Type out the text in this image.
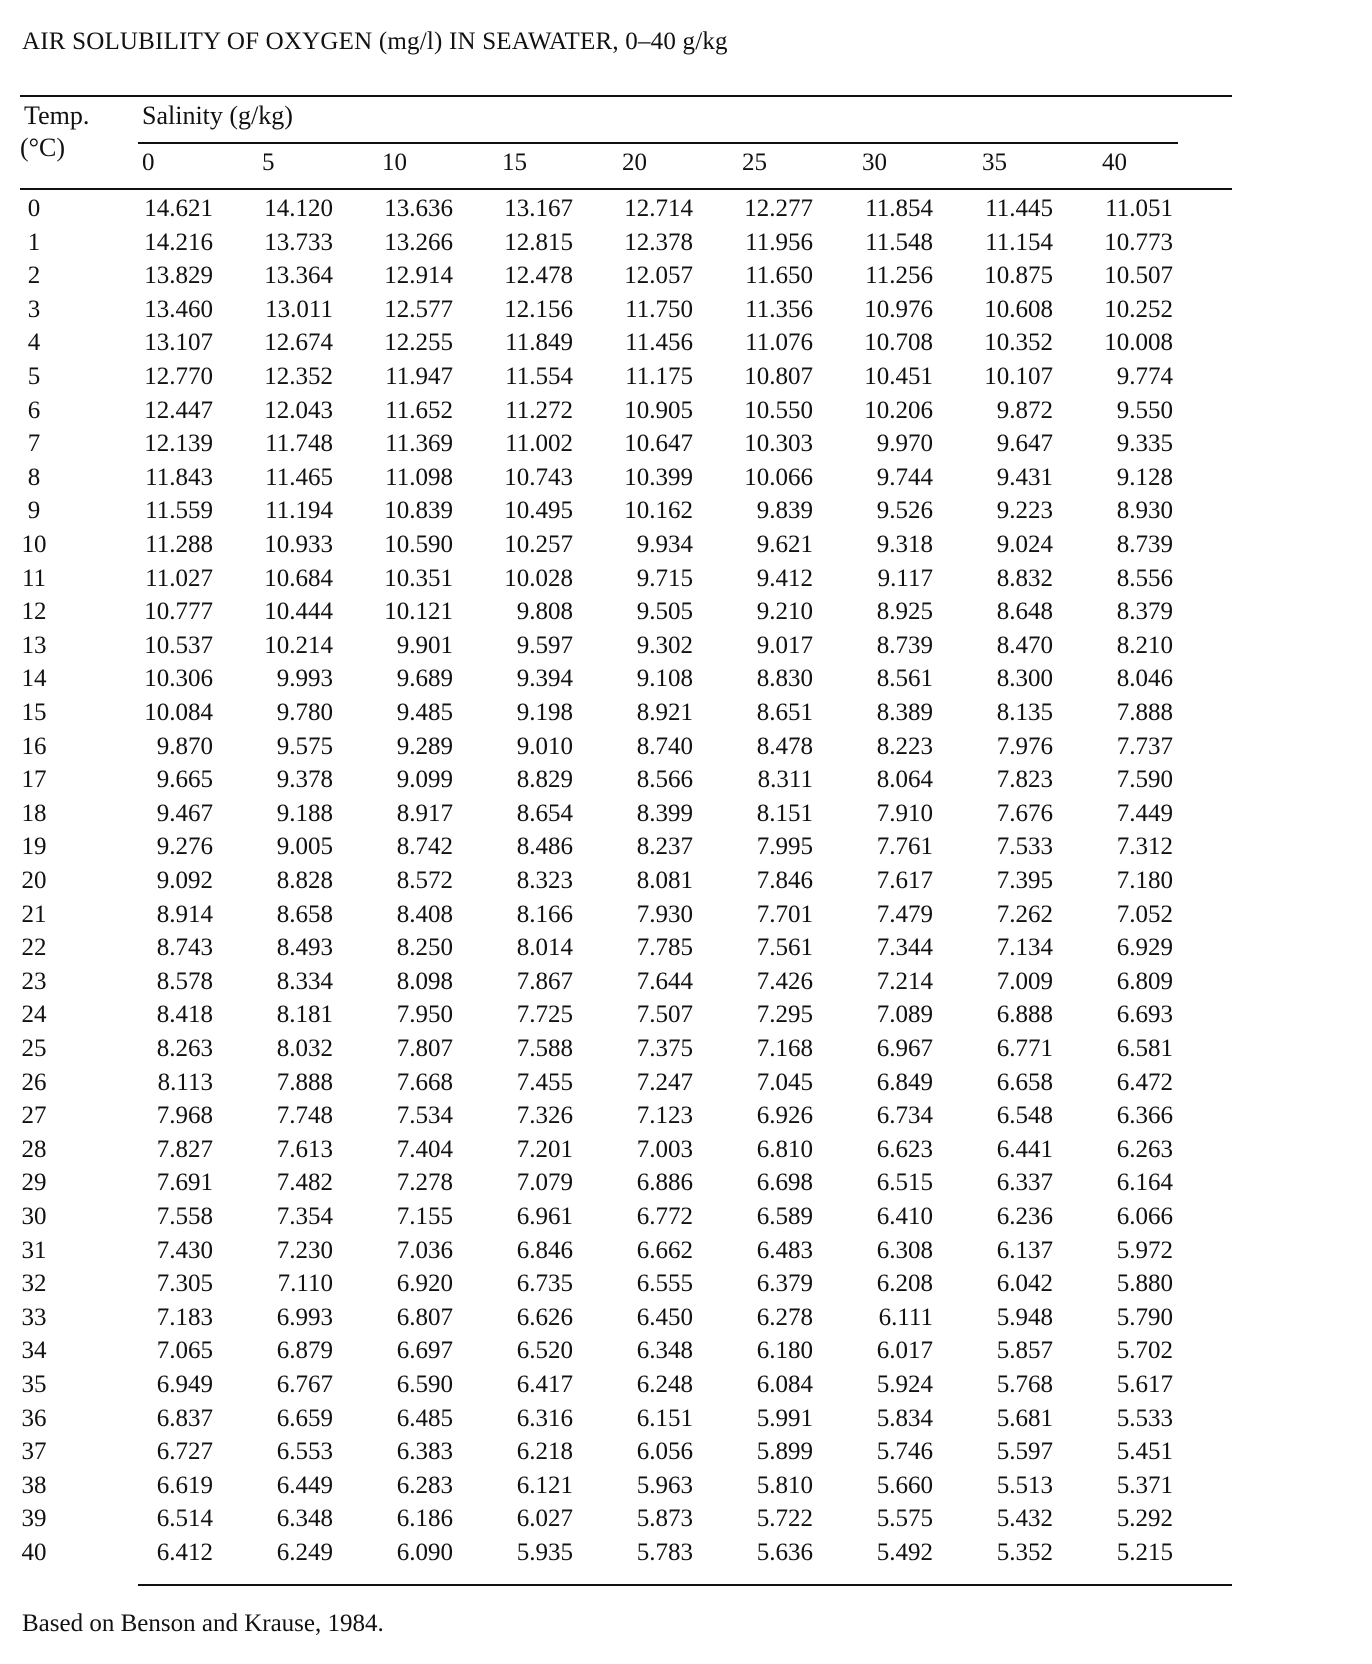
AIR SOLUBILITY OF OXYGEN (mg/l) IN SEAWATER, 0–40 g/kg
Temp.
(°C)
Salinity (g/kg)
0	5	10	15	20	25	30	35	40
0	14.621 14.120 13.636 13.167 12.714 12.277 11.854 11.445 11.051
1	14.216 13.733 13.266 12.815 12.378 11.956 11.548 11.154 10.773
2	13.829 13.364 12.914 12.478 12.057 11.650 11.256 10.875 10.507
3	13.460 13.011 12.577 12.156 11.750 11.356 10.976 10.608 10.252
4	13.107 12.674 12.255 11.849 11.456 11.076 10.708 10.352 10.008
5	12.770 12.352 11.947 11.554 11.175 10.807 10.451 10.107	9.774
6	12.447 12.043 11.652 11.272 10.905 10.550 10.206	9.872	9.550
7	12.139 11.748 11.369 11.002 10.647 10.303	9.970	9.647	9.335
8	11.843 11.465 11.098 10.743 10.399 10.066	9.744	9.431	9.128
9	11.559 11.194 10.839 10.495 10.162	9.839	9.526	9.223	8.930
10	11.288 10.933 10.590 10.257	9.934	9.621	9.318	9.024	8.739
11	11.027 10.684 10.351 10.028	9.715	9.412	9.117	8.832	8.556
12	10.777 10.444 10.121	9.808	9.505	9.210	8.925	8.648	8.379
13	10.537 10.214	9.901	9.597	9.302	9.017	8.739	8.470	8.210
14	10.306	9.993	9.689	9.394	9.108	8.830	8.561	8.300	8.046
15	10.084	9.780	9.485	9.198	8.921	8.651	8.389	8.135	7.888
16	9.870	9.575	9.289	9.010	8.740	8.478	8.223	7.976	7.737
17	9.665	9.378	9.099	8.829	8.566	8.311	8.064	7.823	7.590
18	9.467	9.188	8.917	8.654	8.399	8.151	7.910	7.676	7.449
19	9.276	9.005	8.742	8.486	8.237	7.995	7.761	7.533	7.312
20	9.092	8.828	8.572	8.323	8.081	7.846	7.617	7.395	7.180
21	8.914	8.658	8.408	8.166	7.930	7.701	7.479	7.262	7.052
22	8.743	8.493	8.250	8.014	7.785	7.561	7.344	7.134	6.929
23	8.578	8.334	8.098	7.867	7.644	7.426	7.214	7.009	6.809
24	8.418	8.181	7.950	7.725	7.507	7.295	7.089	6.888	6.693
25	8.263	8.032	7.807	7.588	7.375	7.168	6.967	6.771	6.581
26	8.113	7.888	7.668	7.455	7.247	7.045	6.849	6.658	6.472
27	7.968	7.748	7.534	7.326	7.123	6.926	6.734	6.548	6.366
28	7.827	7.613	7.404	7.201	7.003	6.810	6.623	6.441	6.263
29	7.691	7.482	7.278	7.079	6.886	6.698	6.515	6.337	6.164
30	7.558	7.354	7.155	6.961	6.772	6.589	6.410	6.236	6.066
31	7.430	7.230	7.036	6.846	6.662	6.483	6.308	6.137	5.972
32	7.305	7.110	6.920	6.735	6.555	6.379	6.208	6.042	5.880
33	7.183	6.993	6.807	6.626	6.450	6.278	6.111	5.948	5.790
34	7.065	6.879	6.697	6.520	6.348	6.180	6.017	5.857	5.702
35	6.949	6.767	6.590	6.417	6.248	6.084	5.924	5.768	5.617
36	6.837	6.659	6.485	6.316	6.151	5.991	5.834	5.681	5.533
37	6.727	6.553	6.383	6.218	6.056	5.899	5.746	5.597	5.451
38	6.619	6.449	6.283	6.121	5.963	5.810	5.660	5.513	5.371
39	6.514	6.348	6.186	6.027	5.873	5.722	5.575	5.432	5.292
40	6.412	6.249	6.090	5.935	5.783	5.636	5.492	5.352	5.215
Based on Benson and Krause, 1984.
